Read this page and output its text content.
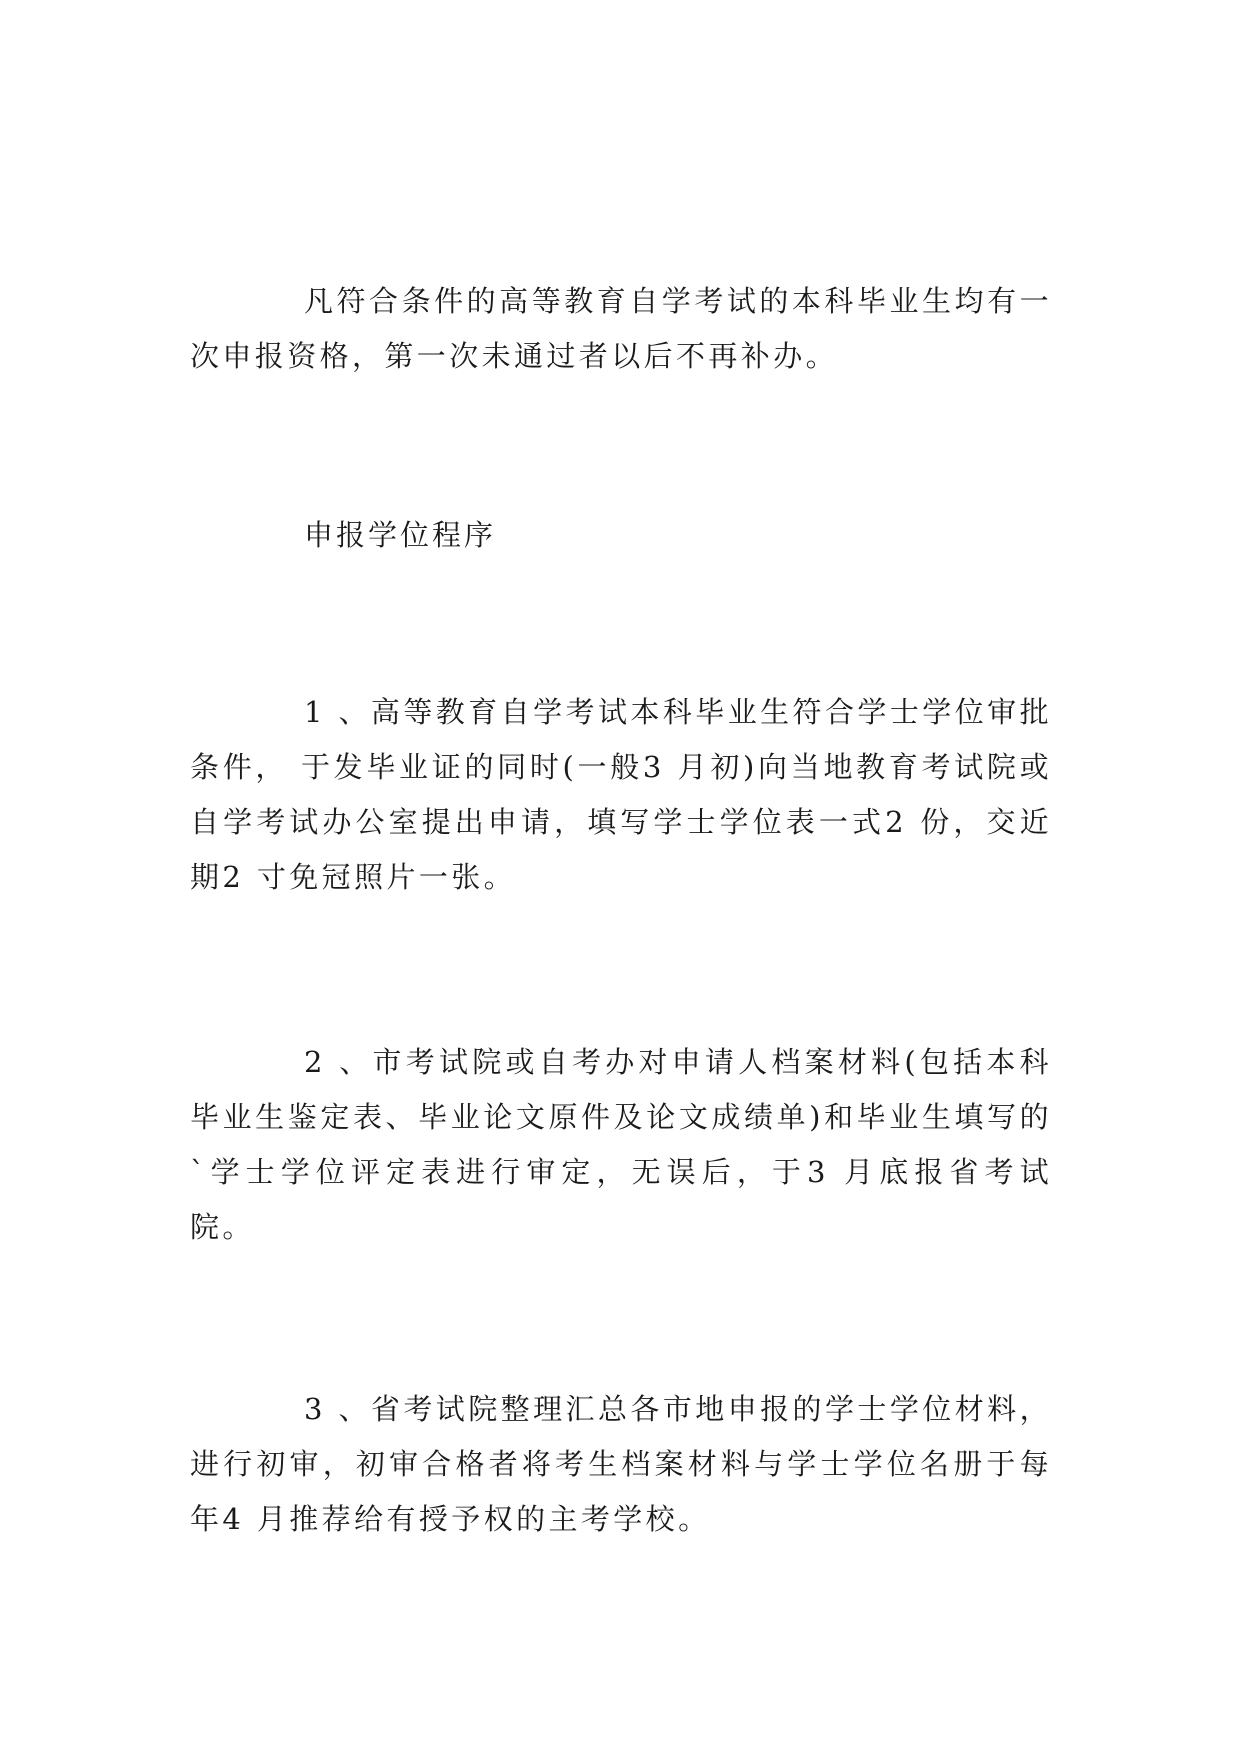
凡符合条件的高等教育自学考试的本科毕业生均有一次申报资格，第一次未通过者以后不再补办。

申报学位程序

1 、高等教育自学考试本科毕业生符合学士学位审批条件， 于发毕业证的同时(一般3 月初)向当地教育考试院或自学考试办公室提出申请，填写学士学位表一式2 份，交近期2 寸免冠照片一张。

2 、市考试院或自考办对申请人档案材料(包括本科毕业生鉴定表、毕业论文原件及论文成绩单)和毕业生填写的`学士学位评定表进行审定，无误后，于3 月底报省考试院。

3 、省考试院整理汇总各市地申报的学士学位材料，进行初审，初审合格者将考生档案材料与学士学位名册于每年4 月推荐给有授予权的主考学校。
